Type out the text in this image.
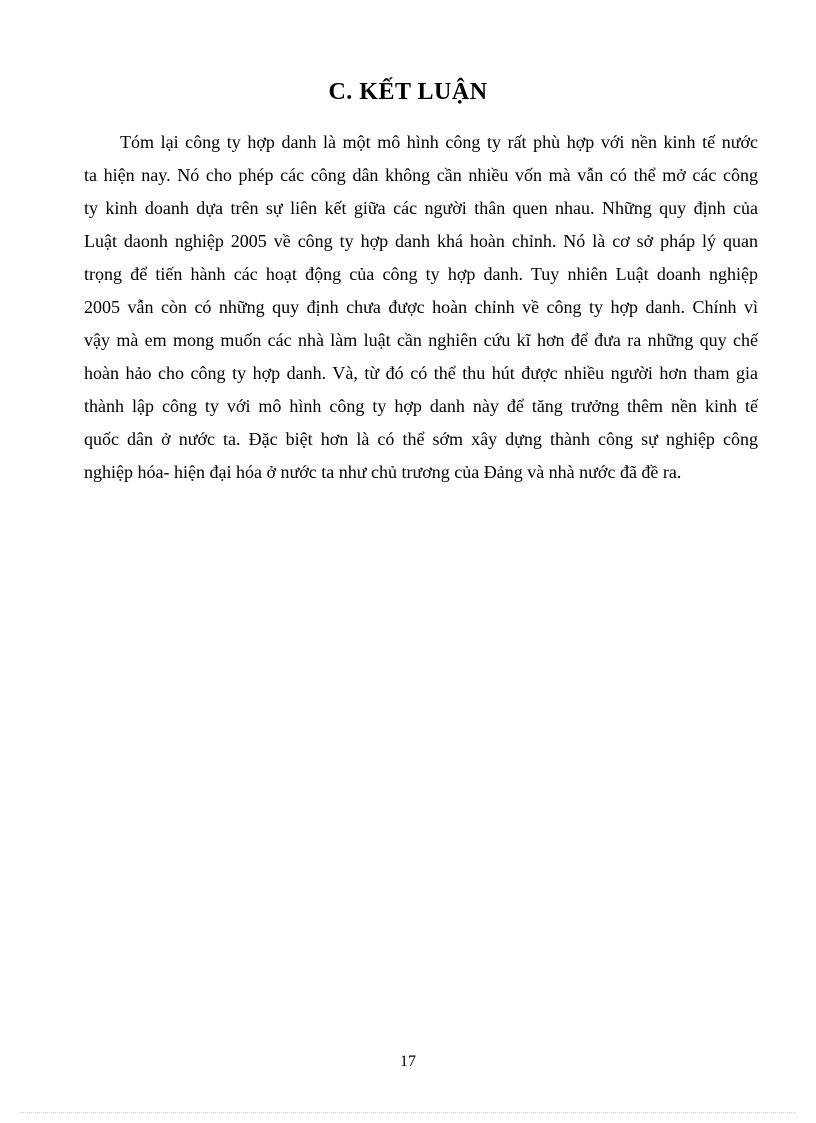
C. KẾT LUẬN
Tóm lại công ty hợp danh là một mô hình công ty rất phù hợp với nền kinh tế nước
ta hiện nay. Nó cho phép các công dân không cần nhiều vốn mà vẫn có thể mở các công
ty kinh doanh dựa trên sự liên kết giữa các người thân quen nhau. Những quy định của
Luật daonh nghiệp 2005 về công ty hợp danh khá hoàn chỉnh. Nó là cơ sở pháp lý quan
trọng để tiến hành các hoạt động của công ty hợp danh. Tuy nhiên Luật doanh nghiệp
2005 vẫn còn có những quy định chưa được hoàn chỉnh về công ty hợp danh. Chính vì
vậy mà em mong muốn các nhà làm luật cần nghiên cứu kĩ hơn để đưa ra những quy chế
hoàn hảo cho công ty hợp danh. Và, từ đó có thể thu hút được nhiều người hơn tham gia
thành lập công ty với mô hình công ty hợp danh này để tăng trưởng thêm nền kinh tế
quốc dân ở nước ta. Đặc biệt hơn là có thể sớm xây dựng thành công sự nghiệp công
nghiệp hóa- hiện đại hóa ở nước ta như chủ trương của Đảng và nhà nước đã đề ra.
17
